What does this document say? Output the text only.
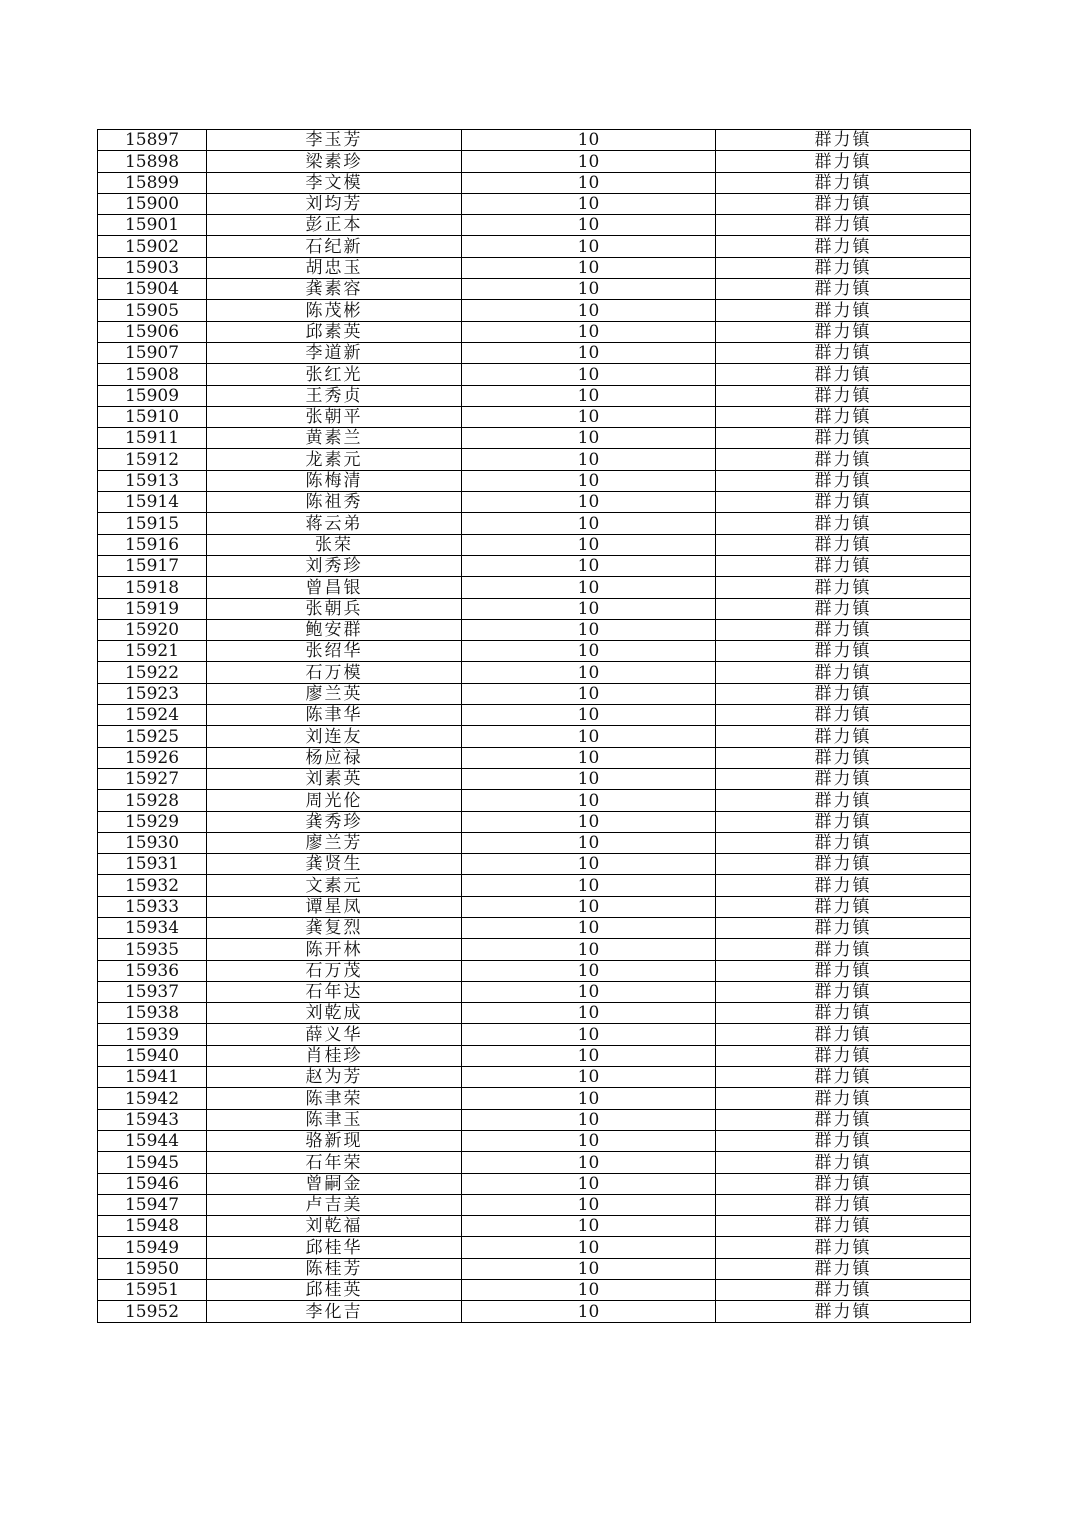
15897	李玉芳	10	群力镇
15898	梁素珍	10	群力镇
15899	李文模	10	群力镇
15900	刘均芳	10	群力镇
15901	彭正本	10	群力镇
15902	石纪新	10	群力镇
15903	胡忠玉	10	群力镇
15904	龚素容	10	群力镇
15905	陈茂彬	10	群力镇
15906	邱素英	10	群力镇
15907	李道新	10	群力镇
15908	张红光	10	群力镇
15909	王秀贞	10	群力镇
15910	张朝平	10	群力镇
15911	黄素兰	10	群力镇
15912	龙素元	10	群力镇
15913	陈梅清	10	群力镇
15914	陈祖秀	10	群力镇
15915	蒋云弟	10	群力镇
15916	张荣	10	群力镇
15917	刘秀珍	10	群力镇
15918	曾昌银	10	群力镇
15919	张朝兵	10	群力镇
15920	鲍安群	10	群力镇
15921	张绍华	10	群力镇
15922	石万模	10	群力镇
15923	廖兰英	10	群力镇
15924	陈聿华	10	群力镇
15925	刘连友	10	群力镇
15926	杨应禄	10	群力镇
15927	刘素英	10	群力镇
15928	周光伦	10	群力镇
15929	龚秀珍	10	群力镇
15930	廖兰芳	10	群力镇
15931	龚贤生	10	群力镇
15932	文素元	10	群力镇
15933	谭星凤	10	群力镇
15934	龚复烈	10	群力镇
15935	陈开林	10	群力镇
15936	石万茂	10	群力镇
15937	石年达	10	群力镇
15938	刘乾成	10	群力镇
15939	薛义华	10	群力镇
15940	肖桂珍	10	群力镇
15941	赵为芳	10	群力镇
15942	陈聿荣	10	群力镇
15943	陈聿玉	10	群力镇
15944	骆新现	10	群力镇
15945	石年荣	10	群力镇
15946	曾嗣金	10	群力镇
15947	卢吉美	10	群力镇
15948	刘乾福	10	群力镇
15949	邱桂华	10	群力镇
15950	陈桂芳	10	群力镇
15951	邱桂英	10	群力镇
15952	李化吉	10	群力镇
